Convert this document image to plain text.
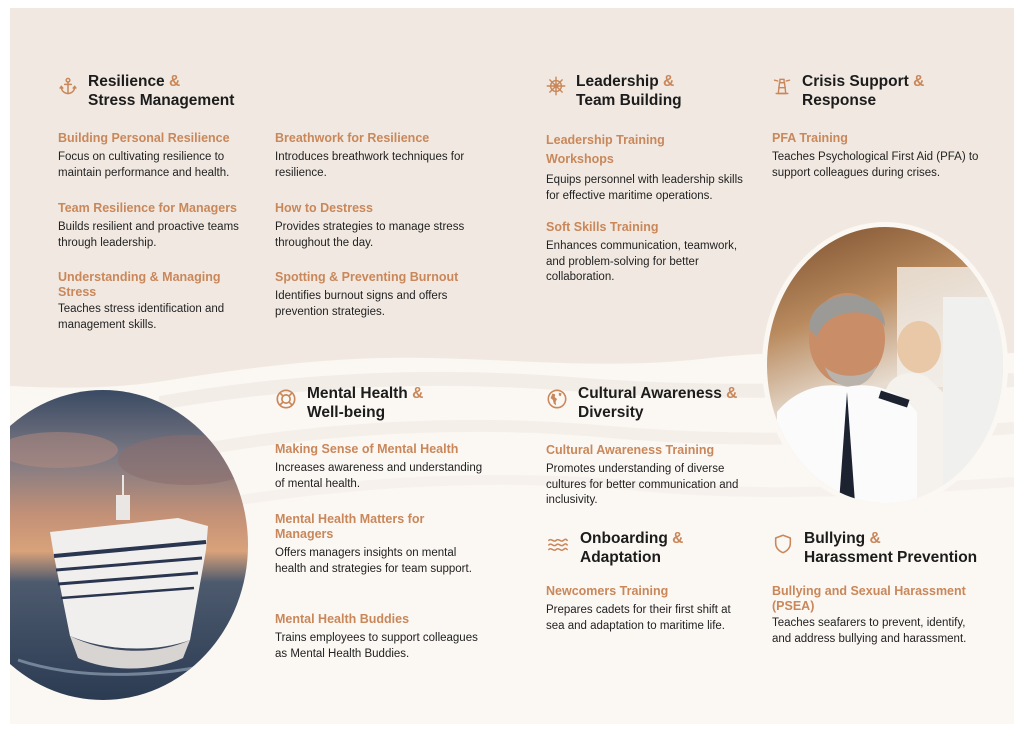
Resilience &
Stress Management
Building Personal Resilience
Focus on cultivating resilience to maintain performance and health.
Team Resilience for Managers
Builds resilient and proactive teams through leadership.
Understanding & Managing Stress
Teaches stress identification and management skills.
Breathwork for Resilience
Introduces breathwork techniques for resilience.
How to Destress
Provides strategies to manage stress throughout the day.
Spotting & Preventing Burnout
Identifies burnout signs and offers prevention strategies.
Leadership &
Team Building
Leadership Training Workshops
Equips personnel with leadership skills for effective maritime operations.
Soft Skills Training
Enhances communication, teamwork, and problem-solving for better collaboration.
Crisis Support &
Response
PFA Training
Teaches Psychological First Aid (PFA) to support colleagues during crises.
Mental Health &
Well-being
Making Sense of Mental Health
Increases awareness and understanding of mental health.
Mental Health Matters for Managers
Offers managers insights on mental health and strategies for team support.
Mental Health Buddies
Trains employees to support colleagues as Mental Health Buddies.
Cultural Awareness &
Diversity
Cultural Awareness Training
Promotes understanding of diverse cultures for better communication and inclusivity.
Onboarding &
Adaptation
Newcomers Training
Prepares cadets for their first shift at sea and adaptation to maritime life.
Bullying &
Harassment Prevention
Bullying and Sexual Harassment (PSEA)
Teaches seafarers to prevent, identify, and address bullying and harassment.
